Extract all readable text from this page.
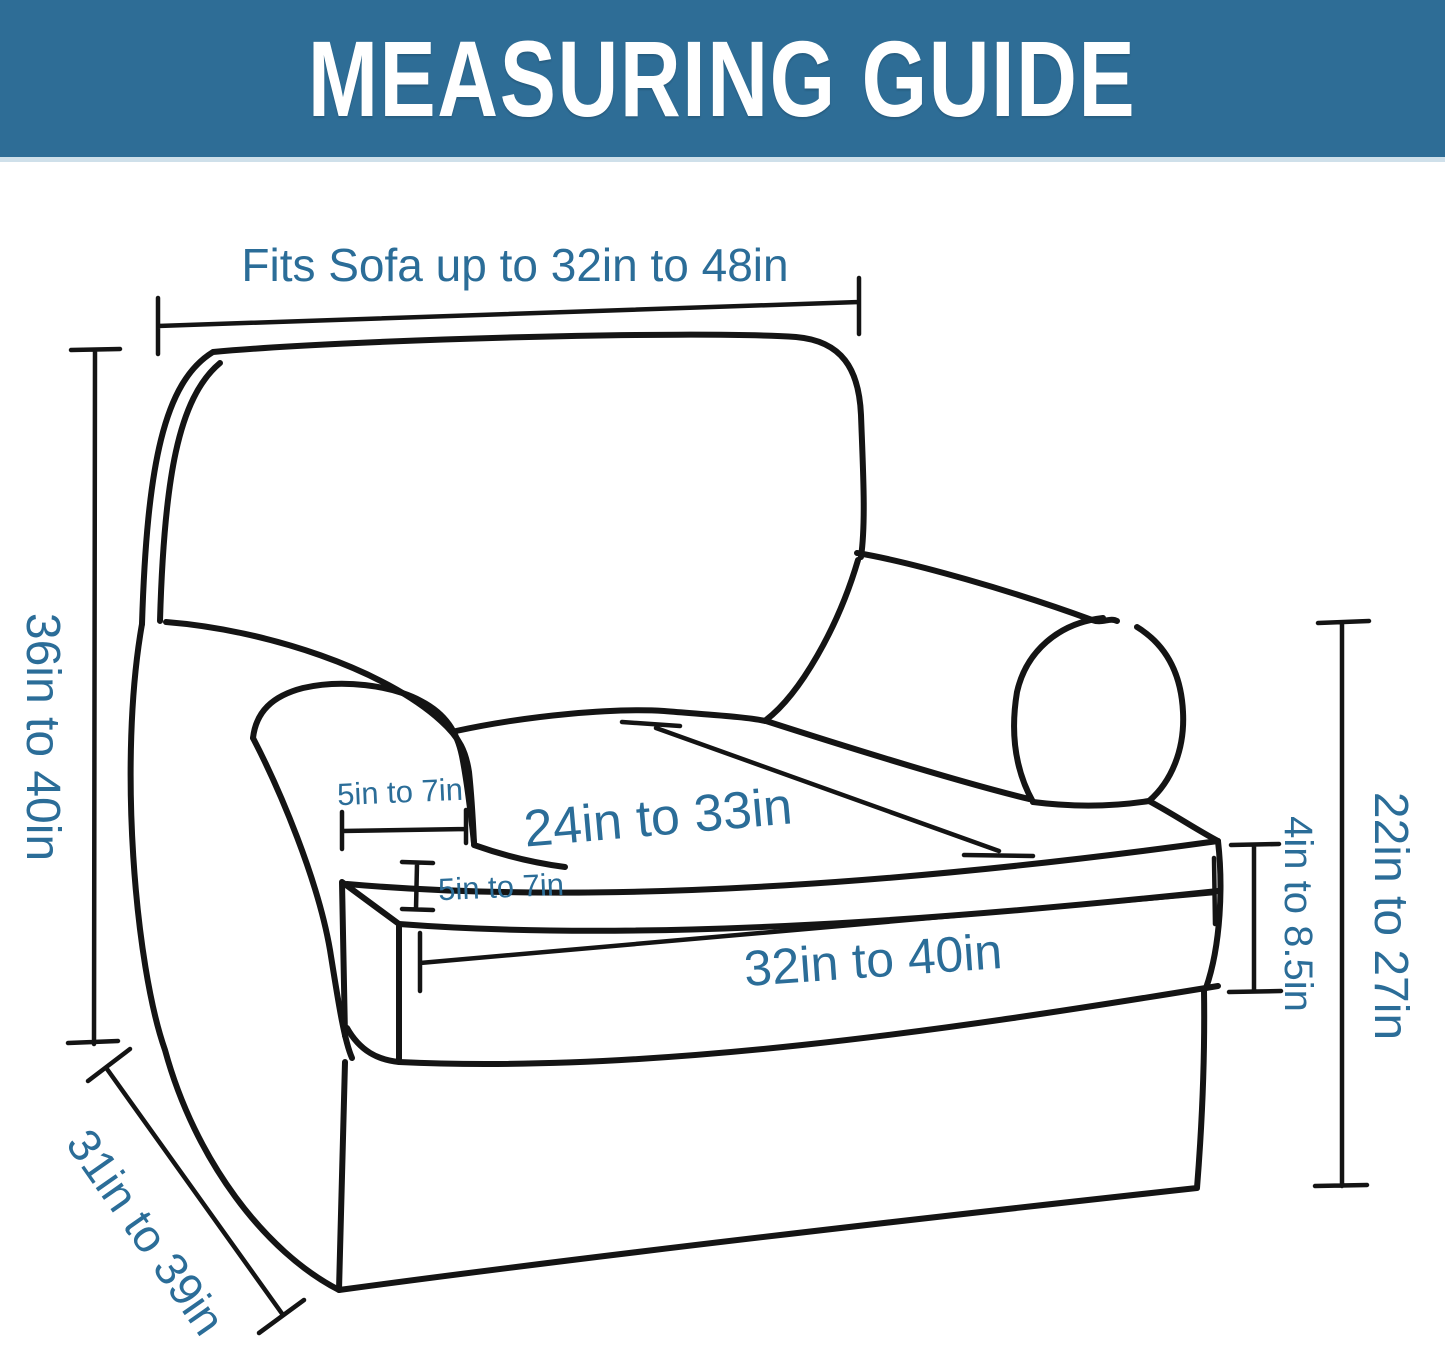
MEASURING GUIDE
Fits Sofa up to 32in to 48in
36in to 40in	5in to 7in
5in to 7in
24in to 33in
32in to 40in
31in to 39in
4in to 8.5in 22in to 27in
